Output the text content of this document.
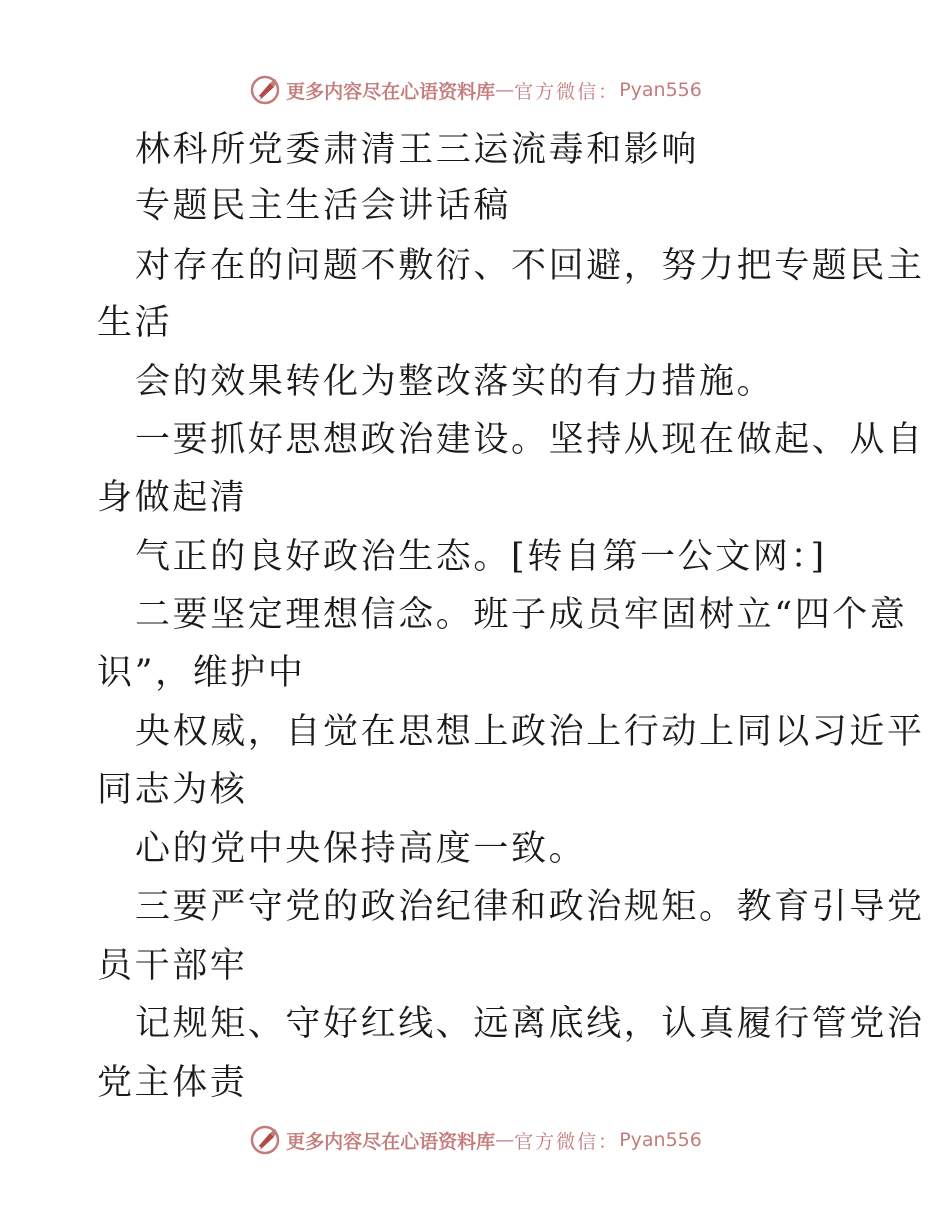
更多内容尽在心语资料库 — 官方微信： Pyan556
林科所党委肃清王三运流毒和影响
专题民主生活会讲话稿
对存在的问题不敷衍、不回避，努力把专题民主
生活
会的效果转化为整改落实的有力措施。
一要抓好思想政治建设。坚持从现在做起、从自
身做起清
气正的良好政治生态。[转自第一公文网：]
二要坚定理想信念。班子成员牢固树立“四个意
识”，维护中
央权威，自觉在思想上政治上行动上同以习近平
同志为核
心的党中央保持高度一致。
三要严守党的政治纪律和政治规矩。教育引导党
员干部牢
记规矩、守好红线、远离底线，认真履行管党治
党主体责
更多内容尽在心语资料库 — 官方微信： Pyan556
